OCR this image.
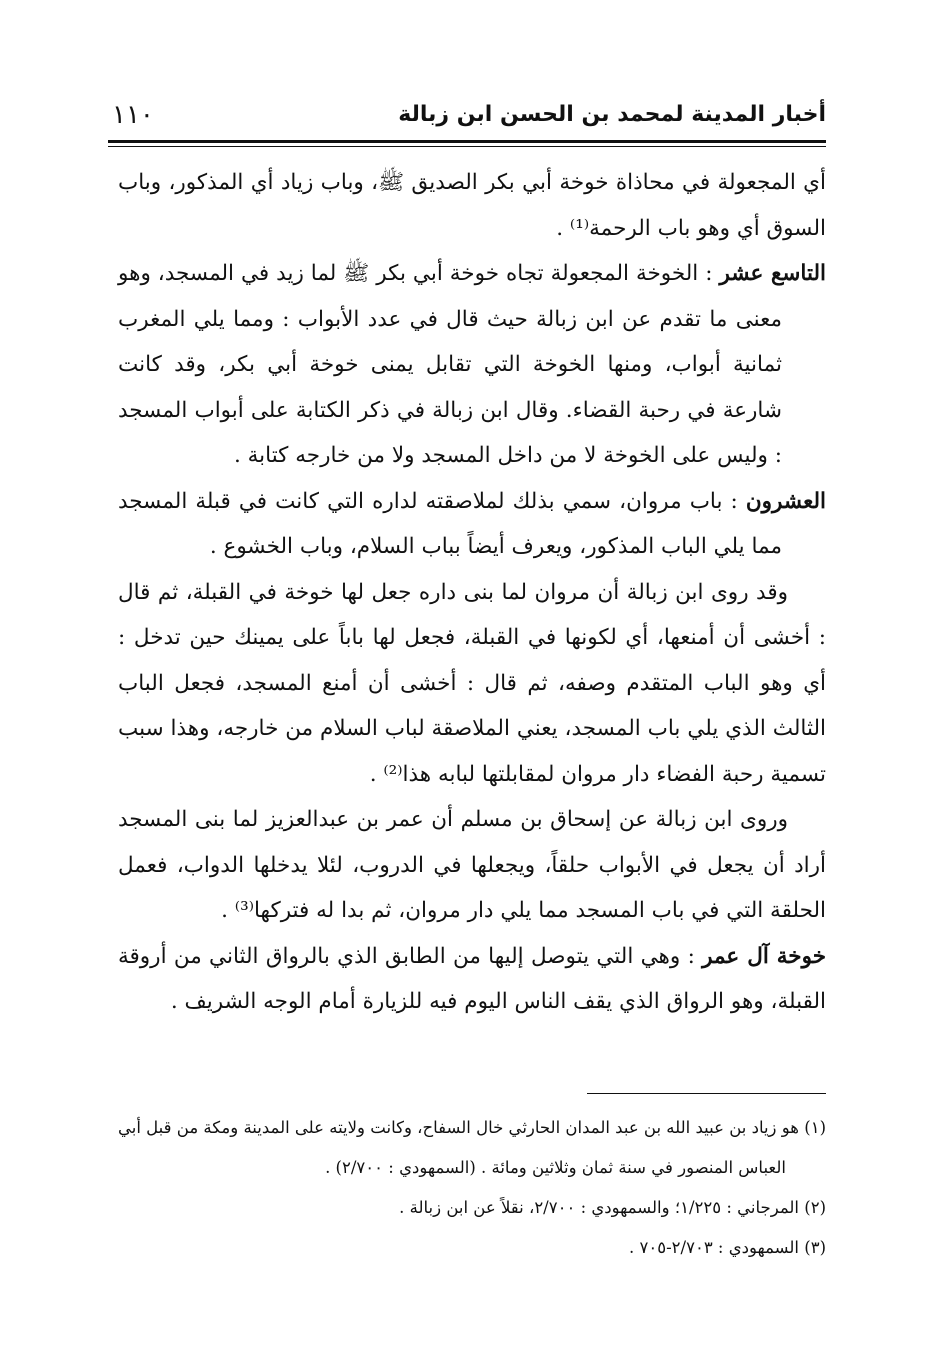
أخبار المدينة لمحمد بن الحسن ابن زبالة
١١٠

أي المجعولة في محاذاة خوخة أبي بكر الصديق ﷺ، وباب زياد أي المذكور، وباب السوق أي وهو باب الرحمة⁽¹⁾ .

التاسع عشر : الخوخة المجعولة تجاه خوخة أبي بكر ﷺ لما زيد في المسجد، وهو معنى ما تقدم عن ابن زبالة حيث قال في عدد الأبواب : ومما يلي المغرب ثمانية أبواب، ومنها الخوخة التي تقابل يمنى خوخة أبي بكر، وقد كانت شارعة في رحبة القضاء. وقال ابن زبالة في ذكر الكتابة على أبواب المسجد : وليس على الخوخة لا من داخل المسجد ولا من خارجه كتابة .

العشرون : باب مروان، سمي بذلك لملاصقته لداره التي كانت في قبلة المسجد مما يلي الباب المذكور، ويعرف أيضاً بباب السلام، وباب الخشوع .

وقد روى ابن زبالة أن مروان لما بنى داره جعل لها خوخة في القبلة، ثم قال : أخشى أن أمنعها، أي لكونها في القبلة، فجعل لها باباً على يمينك حين تدخل : أي وهو الباب المتقدم وصفه، ثم قال : أخشى أن أمنع المسجد، فجعل الباب الثالث الذي يلي باب المسجد، يعني الملاصقة لباب السلام من خارجه، وهذا سبب تسمية رحبة الفضاء دار مروان لمقابلتها لبابه هذا⁽²⁾ .

وروى ابن زبالة عن إسحاق بن مسلم أن عمر بن عبدالعزيز لما بنى المسجد أراد أن يجعل في الأبواب حلقاً، ويجعلها في الدروب، لئلا يدخلها الدواب، فعمل الحلقة التي في باب المسجد مما يلي دار مروان، ثم بدا له فتركها⁽³⁾ .

خوخة آل عمر : وهي التي يتوصل إليها من الطابق الذي بالرواق الثاني من أروقة القبلة، وهو الرواق الذي يقف الناس اليوم فيه للزيارة أمام الوجه الشريف .

(١) هو زياد بن عبيد الله بن عبد المدان الحارثي خال السفاح، وكانت ولايته على المدينة ومكة من قبل أبي العباس المنصور في سنة ثمان وثلاثين ومائة . (السمهودي : ٢/٧٠٠) .

(٢) المرجاني : ١/٢٢٥؛ والسمهودي : ٢/٧٠٠، نقلاً عن ابن زبالة .

(٣) السمهودي : ٢/٧٠٣-٧٠٥ .
